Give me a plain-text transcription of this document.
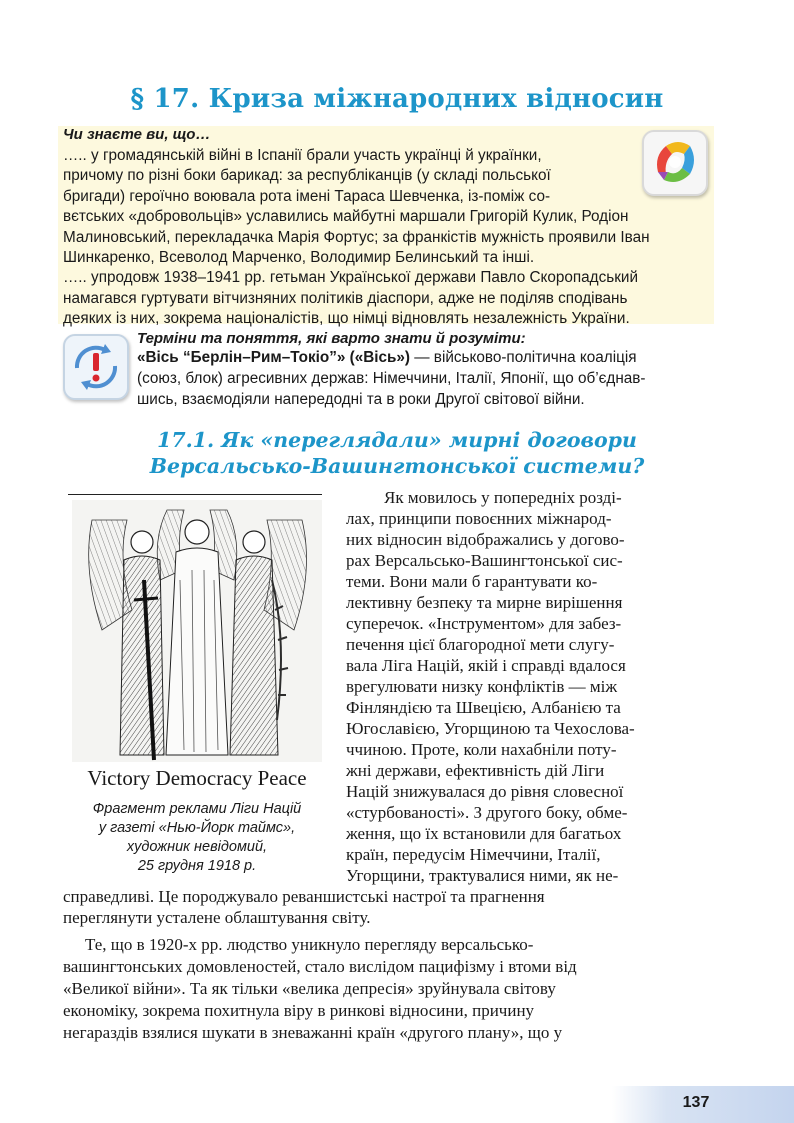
§ 17. Криза міжнародних відносин
Чи знаєте ви, що…
….. у громадянській війні в Іспанії брали участь українці й українки,
причому по різні боки барикад: за республіканців (у складі польської
бригади) героїчно воювала рота імені Тараса Шевченка, із-поміж со-
вєтських «добровольців» уславились майбутні маршали Григорій Кулик, Родіон
Малиновський, перекладачка Марія Фортус; за франкістів мужність проявили Іван
Шинкаренко, Всеволод Марченко, Володимир Белинський та інші.
….. упродовж 1938–1941 рр. гетьман Української держави Павло Скоропадський
намагався гуртувати вітчизняних політиків діаспори, адже не поділяв сподівань
деяких із них, зокрема націоналістів, що німці відновлять незалежність України.
Терміни та поняття, які варто знати й розуміти:
«Вісь “Берлін–Рим–Токіо”» («Вісь») — військово-політична коаліція
(союз, блок) агресивних держав: Німеччини, Італії, Японії, що об’єднав-
шись, взаємодіяли напередодні та в роки Другої світової війни.
17.1. Як «переглядали» мирні договори
Версальсько-Вашингтонської системи?
Victory Democracy Peace
Фрагмент реклами Ліги Націй
у газеті «Нью-Йорк таймс»,
художник невідомий,
25 грудня 1918 р.
Як мовилось у попередніх розді-
лах, принципи повоєнних міжнарод-
них відносин відображались у догово-
рах Версальсько-Вашингтонської сис-
теми. Вони мали б гарантувати ко-
лективну безпеку та мирне вирішення
суперечок. «Інструментом» для забез-
печення цієї благородної мети слугу-
вала Ліга Націй, якій і справді вдалося
врегулювати низку конфліктів — між
Фінляндією та Швецією, Албанією та
Югославією, Угорщиною та Чехослова-
ччиною. Проте, коли нахабніли поту-
жні держави, ефективність дій Ліги
Націй знижувалася до рівня словесної
«стурбованості». З другого боку, обме-
ження, що їх встановили для багатьох
країн, передусім Німеччини, Італії,
Угорщини, трактувалися ними, як не-
справедливі. Це породжувало реваншистські настрої та прагнення
переглянути усталене облаштування світу.
Те, що в 1920-х рр. людство уникнуло перегляду версальсько-
вашингтонських домовленостей, стало вислідом пацифізму і втоми від
«Великої війни». Та як тільки «велика депресія» зруйнувала світову
економіку, зокрема похитнула віру в ринкові відносини, причину
негараздів взялися шукати в зневажанні країн «другого плану», що у
137
